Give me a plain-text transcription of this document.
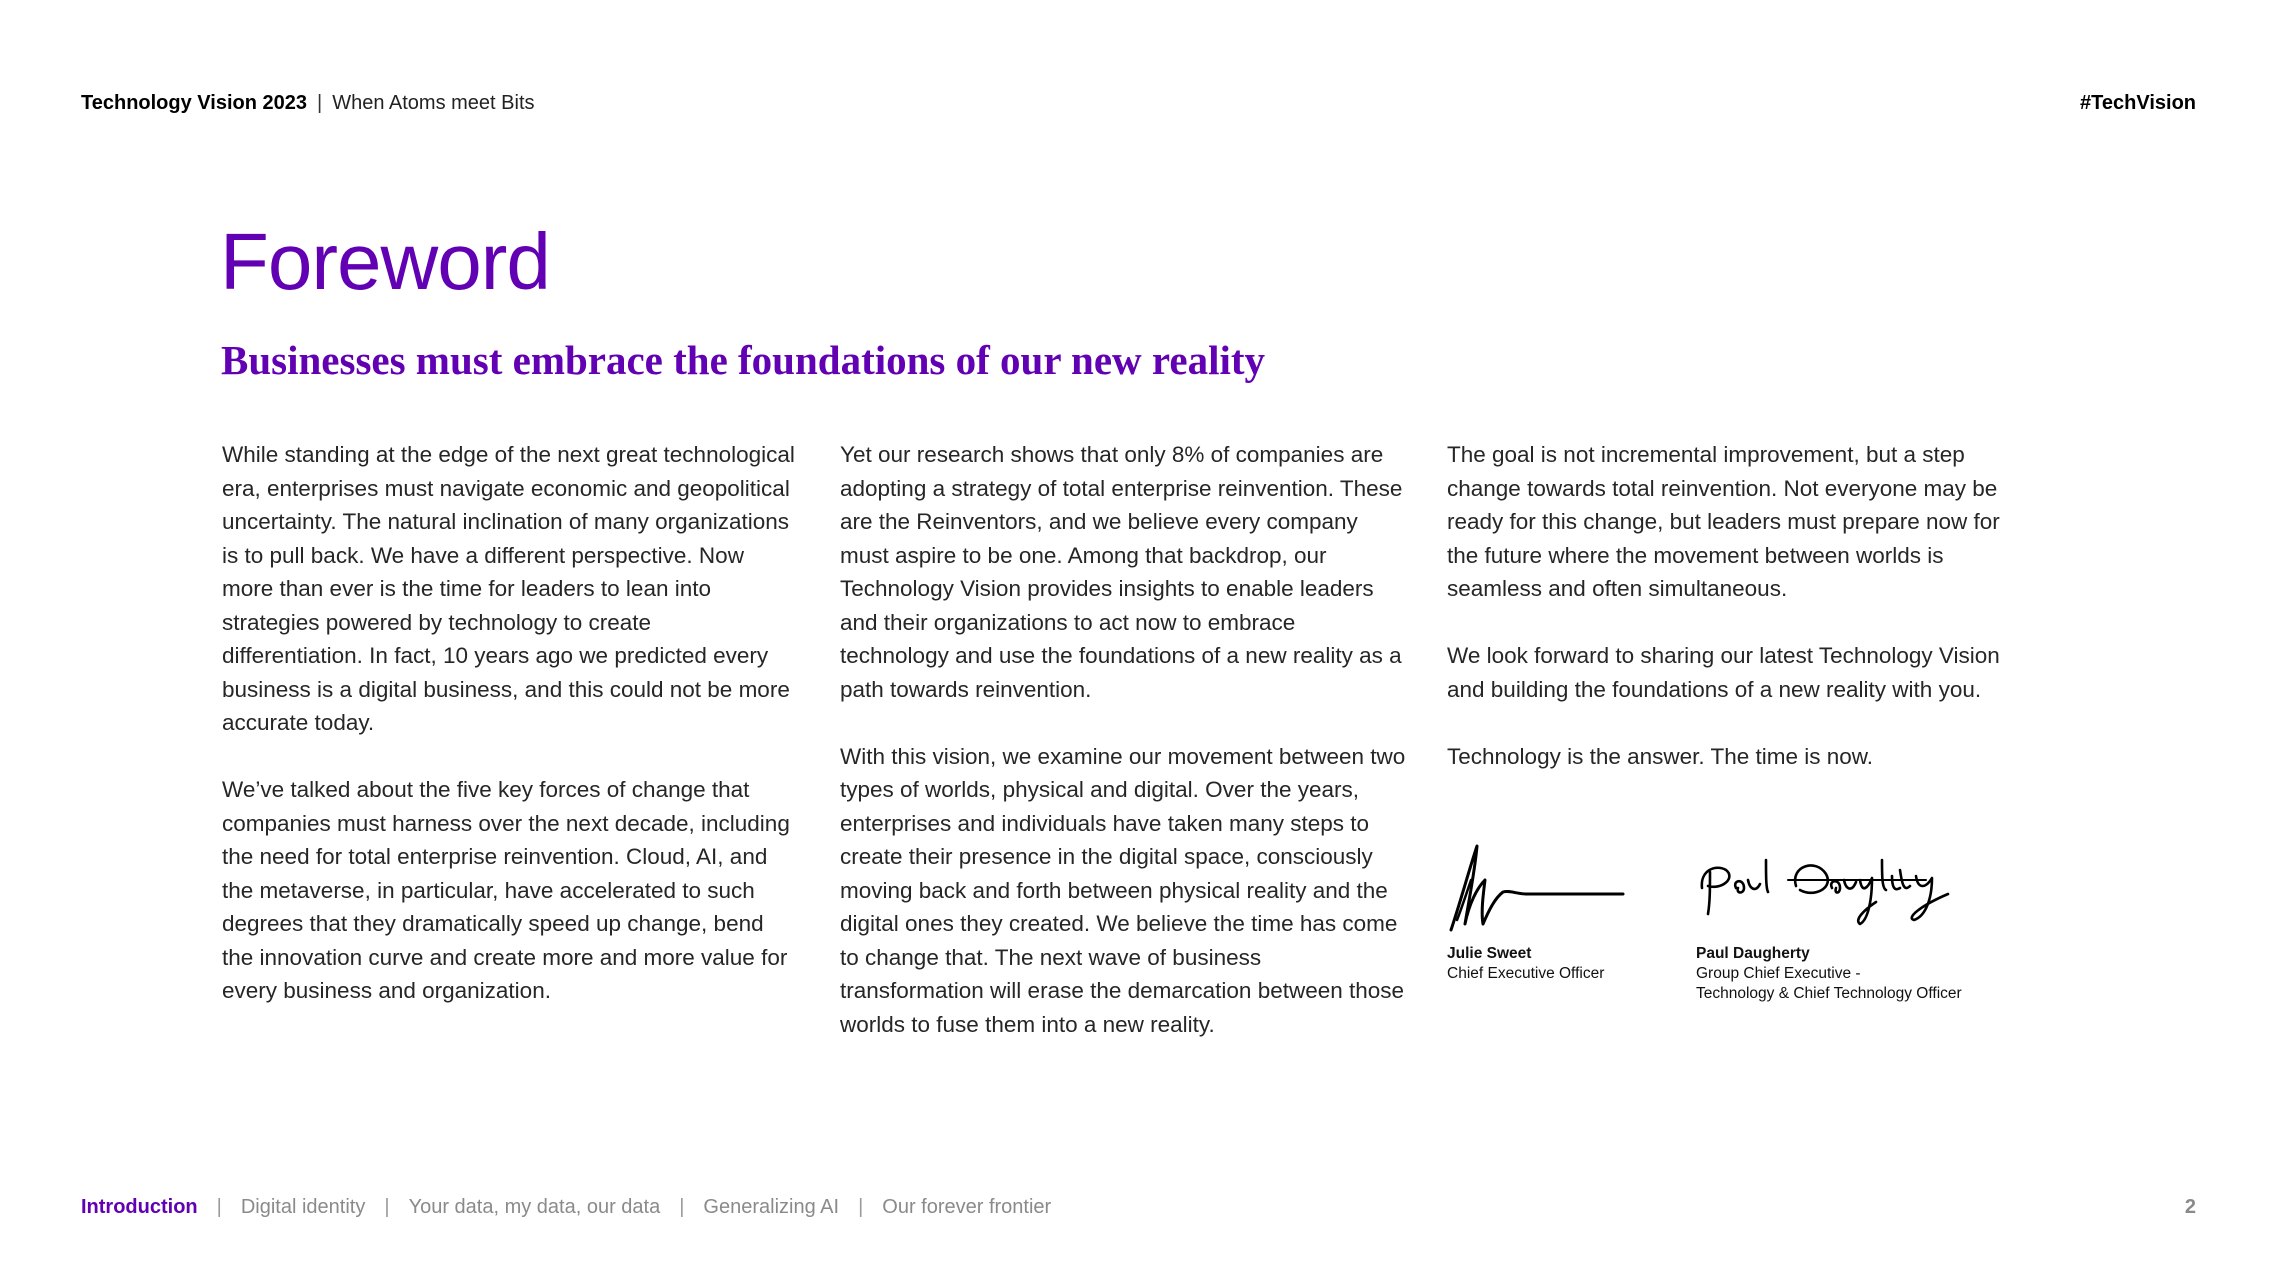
Technology Vision 2023 | When Atoms meet Bits	#TechVision
Foreword
Businesses must embrace the foundations of our new reality

While standing at the edge of the next great technological era, enterprises must navigate economic and geopolitical uncertainty. The natural inclination of many organizations is to pull back. We have a different perspective. Now more than ever is the time for leaders to lean into strategies powered by technology to create differentiation. In fact, 10 years ago we predicted every business is a digital business, and this could not be more accurate today.

We’ve talked about the five key forces of change that companies must harness over the next decade, including the need for total enterprise reinvention. Cloud, AI, and the metaverse, in particular, have accelerated to such degrees that they dramatically speed up change, bend the innovation curve and create more and more value for every business and organization.

Yet our research shows that only 8% of companies are adopting a strategy of total enterprise reinvention. These are the Reinventors, and we believe every company must aspire to be one. Among that backdrop, our Technology Vision provides insights to enable leaders and their organizations to act now to embrace technology and use the foundations of a new reality as a path towards reinvention.

With this vision, we examine our movement between two types of worlds, physical and digital. Over the years, enterprises and individuals have taken many steps to create their presence in the digital space, consciously moving back and forth between physical reality and the digital ones they created. We believe the time has come to change that. The next wave of business transformation will erase the demarcation between those worlds to fuse them into a new reality.

The goal is not incremental improvement, but a step change towards total reinvention. Not everyone may be ready for this change, but leaders must prepare now for the future where the movement between worlds is seamless and often simultaneous.

We look forward to sharing our latest Technology Vision and building the foundations of a new reality with you.

Technology is the answer. The time is now.

Julie Sweet
Chief Executive Officer
Paul Daugherty
Group Chief Executive -
Technology & Chief Technology Officer
Introduction | Digital identity | Your data, my data, our data | Generalizing AI | Our forever frontier	2
